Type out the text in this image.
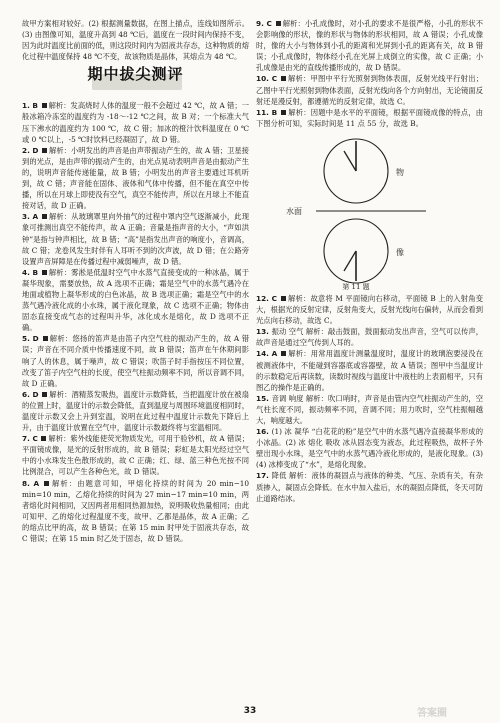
故甲方案相对较好。(2) 根据测量数据，在图上描点，连线如图所示。(3) 由图像可知，温度升高到 48 ℃后，温度在一段时间内保持不变，因为此时温度比前面的低，则这段时间内为固液共存态，这种物质的熔化过程中温度保持 48 ℃不变，故该物质是晶体，其熔点为 48 ℃。

期中拔尖测评

1. B 解析：发高烧时人体的温度一般不会超过 42 ℃，故 A 错；一般冰箱冷冻室的温度约为 -18～-12 ℃之间，故 B 对；一个标准大气压下沸水的温度约为 100 ℃，故 C 错；加冰的橙汁饮料温度在 0 ℃或 0 ℃以上，-5 ℃时饮料已经凝固了，故 D 错。

2. D 解析：小明发出的声音是由声带振动产生的，故 A 错；卫星接到的光点，是由声带的振动产生的，由光点晃动表明声音是由振动产生的，说明声音能传递能量，故 B 错；小明发出的声音主要通过耳机听到，故 C 错；声音能在固体、液体和气体中传播，但不能在真空中传播，所以在月球上即使没有空气，真空不能传声，所以在月球上不能直接对话，故 D 正确。

3. A 解析：从玻璃罩里向外抽气的过程中罩内空气逐渐减小，此现象可推测出真空不能传声，故 A 正确；音量是指声音的大小，“声如洪钟”是指与钟声相比，故 B 错；“高”是指发出声音的响度小，音调高，故 C 错；龙卷风发生时伴有人耳听不到的次声波，故 D 错；在公路旁设置声音屏障是在传播过程中减弱噪声，故 D 错。

4. B 解析：雾淞是低温时空气中水蒸气直接变成的一种冰晶，属于凝华现象，需要放热，故 A 选项不正确；霜是空气中的水蒸气遇冷在地面或植物上凝华形成的白色冰晶，故 B 选项正确；霜是空气中的水蒸气遇冷液化成的小水珠，属于液化现象，故 C 选项不正确；物体由固态直接变成气态的过程叫升华，冰化成水是熔化，故 D 选项不正确。

5. D 解析：悠扬的笛声是由笛子内空气柱的振动产生的，故 A 错误；声音在不同介质中传播速度不同，故 B 错误；笛声在午休期间影响了人的休息，属于噪声，故 C 错误；吹笛子时手指按压不同位置，改变了笛子内空气柱的长度，使空气柱振动频率不同，所以音调不同，故 D 正确。

6. D 解析：酒精蒸发吸热，温度计示数降低，当把温度计放在被扇的位置上时，温度计的示数会降低，直到温度与周围环境温度相同时，温度计示数又会上升到室温，说明在此过程中温度计示数先下降后上升，由于温度计放置在空气中，温度计示数最终将与室温相同。

7. C 解析：紫外线能使荧光物质发光，可用于验钞机，故 A 错误；平面镜成像，是光的反射形成的，故 B 错误；彩虹是太阳光经过空气中的小水珠发生色散形成的，故 C 正确；红、绿、蓝三种色光按不同比例混合，可以产生各种色光，故 D 错误。

8. A 解析：由题意可知，甲熔化持续的时间为 20 min−10 min=10 min，乙熔化持续的时间为 27 min−17 min=10 min，两者熔化时间相同，又因两者用相同热源加热，说明吸收热量相同；由此可知甲、乙的熔化过程温度不变，故甲、乙都是晶体，故 A 正确；乙的熔点比甲的高，故 B 错误；在第 15 min 时甲处于固液共存态，故 C 错误；在第 15 min 时乙处于固态，故 D 错误。

9. C 解析：小孔成像时，对小孔的要求不是很严格，小孔的形状不会影响像的形状，像的形状与物体的形状相同，故 A 错误；小孔成像时，像的大小与物体到小孔的距离和光屏到小孔的距离有关，故 B 错误；小孔成像时，物体经小孔在光屏上成倒立的实像，故 C 正确；小孔成像是由光的直线传播形成的，故 D 错误。

10. C 解析：甲图中平行光照射到物体表面，反射光线平行射出；乙图中平行光照射到物体表面，反射光线向各个方向射出，无论镜面反射还是漫反射，都遵循光的反射定律，故选 C。

11. B 解析：因题中是水平的平面镜，根据平面镜成像的特点，由下图分析可知，实际时间是 11 点 55 分，故选 B。

物
水面
像
第 11 题

12. C 解析：故意将 M 平面镜向右移动，平面镜 B 上的入射角变大，根据光的反射定律，反射角变大，反射光线向右偏转，从而会看到光点向右移动，故选 C。

13. 振动 空气 解析：敲击鼓面，鼓面振动发出声音，空气可以传声，故声音是通过空气传到人耳的。

14. A 解析：用常用温度计测量温度时，温度计的玻璃泡要浸没在被测液体中，不能碰到容器底或容器壁，故 A 错误；图甲中当温度计的示数稳定后再读数，读数时视线与温度计中液柱的上表面相平，只有图乙的操作是正确的。

15. 音调 响度 解析：吹口哨时，声音是由管内空气柱振动产生的，空气柱长度不同，振动频率不同，音调不同；用力吹时，空气柱振幅越大，响度越大。

16. (1) 冰 凝华 “白花花的粉”是空气中的水蒸气遇冷直接凝华形成的小冰晶。(2) 冰 熔化 吸收 冰从固态变为液态，此过程吸热，故杯子外壁出现小水珠，是空气中的水蒸气遇冷液化形成的，是液化现象。(3)(4) 冰棒变成了“水”，是熔化现象。

17. 降低 解析：液体的凝固点与液体的种类、气压、杂质有关，有杂质掺入，凝固点会降低。在水中加入盐后，水的凝固点降低，冬天可防止道路结冰。

33	答案圈
